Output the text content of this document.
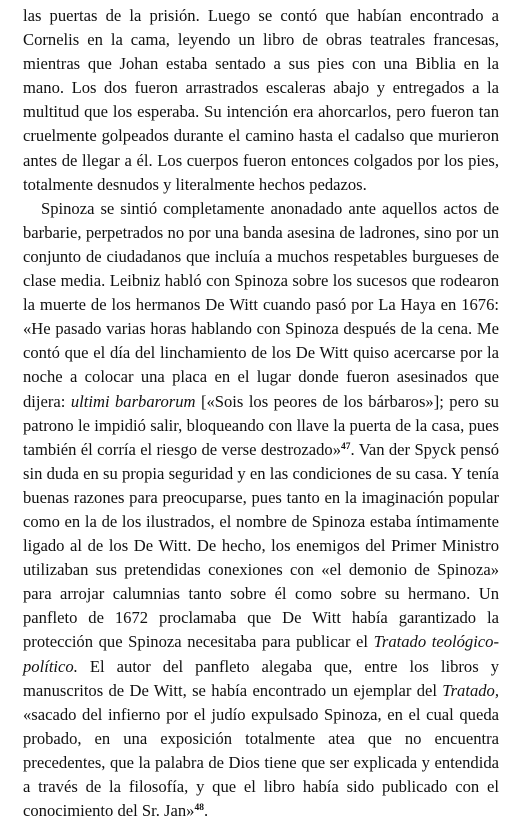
las puertas de la prisión. Luego se contó que habían encontrado a Cornelis en la cama, leyendo un libro de obras teatrales francesas, mientras que Johan estaba sentado a sus pies con una Biblia en la mano. Los dos fueron arrastrados escaleras abajo y entregados a la multitud que los esperaba. Su intención era ahorcarlos, pero fueron tan cruelmente golpeados durante el camino hasta el cadalso que murieron antes de llegar a él. Los cuerpos fueron entonces colgados por los pies, totalmente desnudos y literalmente hechos pedazos.

Spinoza se sintió completamente anonadado ante aquellos actos de barbarie, perpetrados no por una banda asesina de ladrones, sino por un conjunto de ciudadanos que incluía a muchos respetables burgueses de clase media. Leibniz habló con Spinoza sobre los sucesos que rodearon la muerte de los hermanos De Witt cuando pasó por La Haya en 1676: «He pasado varias horas hablando con Spinoza después de la cena. Me contó que el día del linchamiento de los De Witt quiso acercarse por la noche a colocar una placa en el lugar donde fueron asesinados que dijera: ultimi barbarorum [«Sois los peores de los bárbaros»]; pero su patrono le impidió salir, bloqueando con llave la puerta de la casa, pues también él corría el riesgo de verse destrozado»$^{47}$. Van der Spyck pensó sin duda en su propia seguridad y en las condiciones de su casa. Y tenía buenas razones para preocuparse, pues tanto en la imaginación popular como en la de los ilustrados, el nombre de Spinoza estaba íntimamente ligado al de los De Witt. De hecho, los enemigos del Primer Ministro utilizaban sus pretendidas conexiones con «el demonio de Spinoza» para arrojar calumnias tanto sobre él como sobre su hermano. Un panfleto de 1672 proclamaba que De Witt había garantizado la protección que Spinoza necesitaba para publicar el Tratado teológico-político. El autor del panfleto alegaba que, entre los libros y manuscritos de De Witt, se había encontrado un ejemplar del Tratado, «sacado del infierno por el judío expulsado Spinoza, en el cual queda probado, en una exposición totalmente atea que no encuentra precedentes, que la palabra de Dios tiene que ser explicada y entendida a través de la filosofía, y que el libro había sido publicado con el conocimiento del Sr. Jan»$^{48}$.
